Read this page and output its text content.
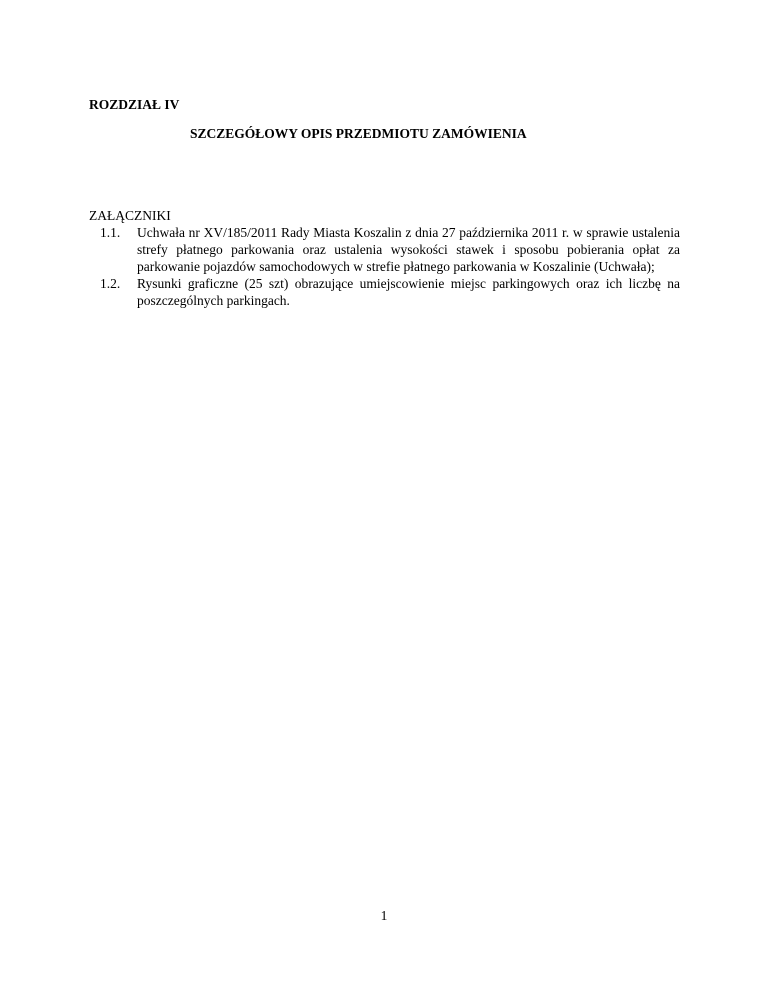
ROZDZIAŁ IV

SZCZEGÓŁOWY OPIS PRZEDMIOTU ZAMÓWIENIA

ZAŁĄCZNIKI

1.1.	Uchwała nr XV/185/2011 Rady Miasta Koszalin z dnia 27 października 2011 r. w sprawie ustalenia strefy płatnego parkowania oraz ustalenia wysokości stawek i sposobu pobierania opłat za parkowanie pojazdów samochodowych w strefie płatnego parkowania w Koszalinie (Uchwała);

1.2.	Rysunki graficzne (25 szt) obrazujące umiejscowienie miejsc parkingowych oraz ich liczbę na poszczególnych parkingach.

1
